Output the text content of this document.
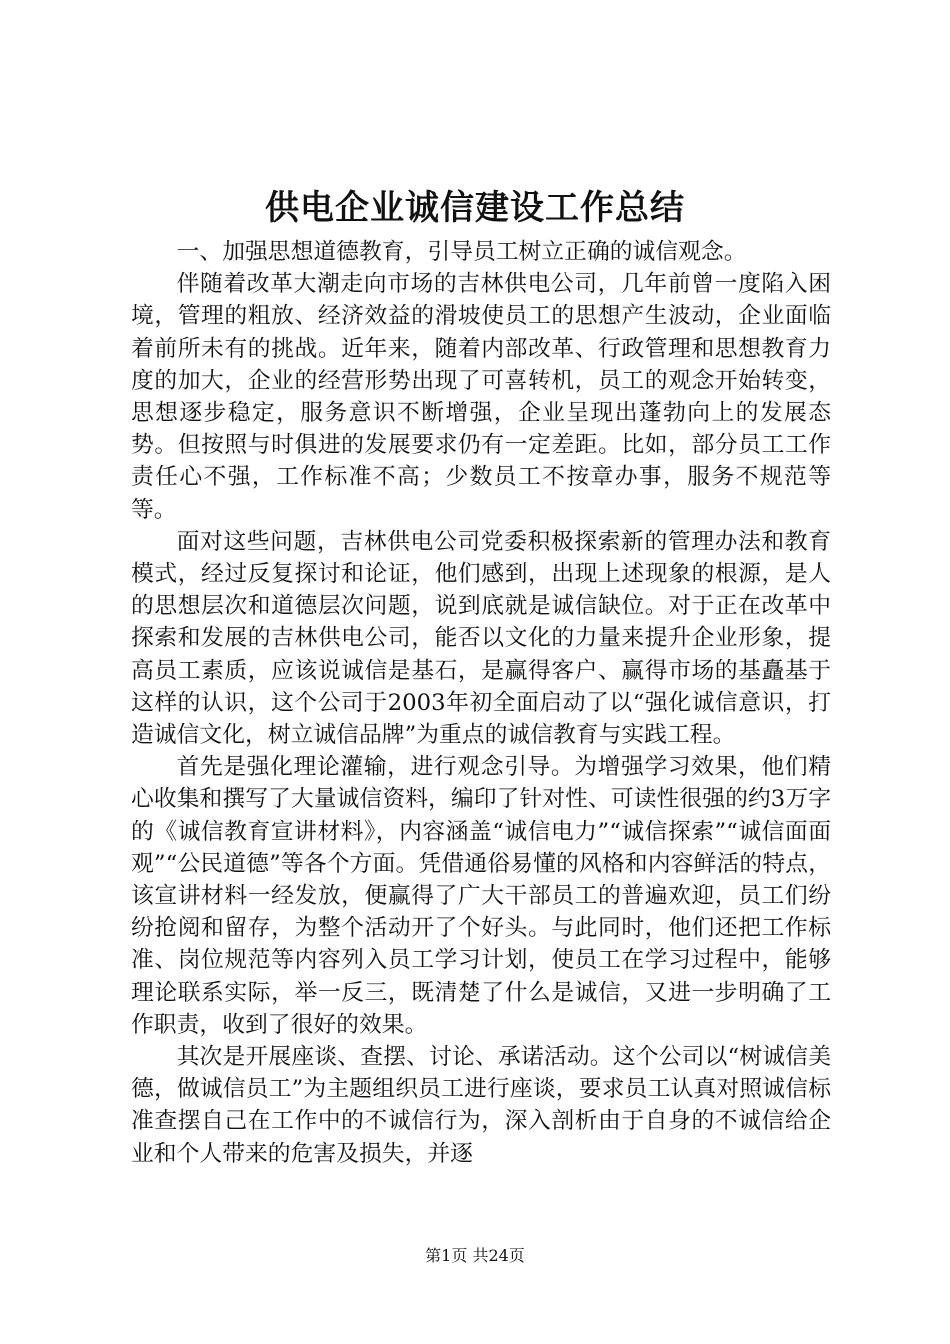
供电企业诚信建设工作总结

一、加强思想道德教育，引导员工树立正确的诚信观念。

伴随着改革大潮走向市场的吉林供电公司，几年前曾一度陷入困境，管理的粗放、经济效益的滑坡使员工的思想产生波动，企业面临着前所未有的挑战。近年来，随着内部改革、行政管理和思想教育力度的加大，企业的经营形势出现了可喜转机，员工的观念开始转变，思想逐步稳定，服务意识不断增强，企业呈现出蓬勃向上的发展态势。但按照与时俱进的发展要求仍有一定差距。比如，部分员工工作责任心不强，工作标准不高；少数员工不按章办事，服务不规范等等。

面对这些问题，吉林供电公司党委积极探索新的管理办法和教育模式，经过反复探讨和论证，他们感到，出现上述现象的根源，是人的思想层次和道德层次问题，说到底就是诚信缺位。对于正在改革中探索和发展的吉林供电公司，能否以文化的力量来提升企业形象，提高员工素质，应该说诚信是基石，是赢得客户、赢得市场的基矗基于这样的认识，这个公司于2003年初全面启动了以“强化诚信意识，打造诚信文化，树立诚信品牌”为重点的诚信教育与实践工程。

首先是强化理论灌输，进行观念引导。为增强学习效果，他们精心收集和撰写了大量诚信资料，编印了针对性、可读性很强的约3万字的《诚信教育宣讲材料》，内容涵盖“诚信电力”“诚信探索”“诚信面面观”“公民道德”等各个方面。凭借通俗易懂的风格和内容鲜活的特点，该宣讲材料一经发放，便赢得了广大干部员工的普遍欢迎，员工们纷纷抢阅和留存，为整个活动开了个好头。与此同时，他们还把工作标准、岗位规范等内容列入员工学习计划，使员工在学习过程中，能够理论联系实际，举一反三，既清楚了什么是诚信，又进一步明确了工作职责，收到了很好的效果。

其次是开展座谈、查摆、讨论、承诺活动。这个公司以“树诚信美德，做诚信员工”为主题组织员工进行座谈，要求员工认真对照诚信标准查摆自己在工作中的不诚信行为，深入剖析由于自身的不诚信给企业和个人带来的危害及损失，并逐

第1页 共24页
